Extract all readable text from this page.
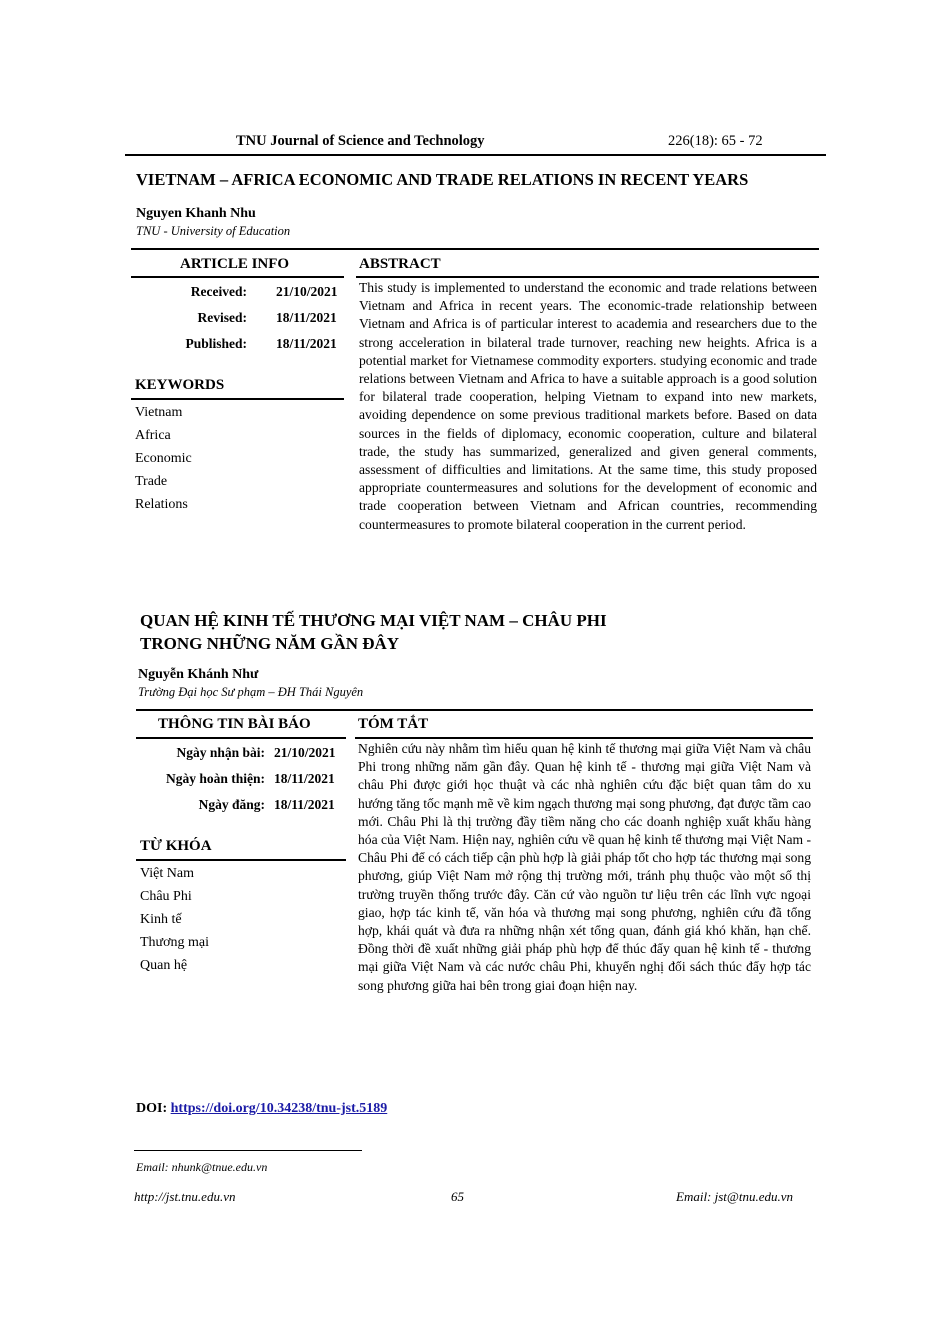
TNU Journal of Science and Technology	226(18): 65 - 72
VIETNAM – AFRICA ECONOMIC AND TRADE RELATIONS IN RECENT YEARS
Nguyen Khanh Nhu
TNU - University of Education
ARTICLE INFO	ABSTRACT
Received: 21/10/2021
Revised: 18/11/2021
Published: 18/11/2021
KEYWORDS
Vietnam
Africa
Economic
Trade
Relations
This study is implemented to understand the economic and trade relations between Vietnam and Africa in recent years. The economic-trade relationship between Vietnam and Africa is of particular interest to academia and researchers due to the strong acceleration in bilateral trade turnover, reaching new heights. Africa is a potential market for Vietnamese commodity exporters. studying economic and trade relations between Vietnam and Africa to have a suitable approach is a good solution for bilateral trade cooperation, helping Vietnam to expand into new markets, avoiding dependence on some previous traditional markets before. Based on data sources in the fields of diplomacy, economic cooperation, culture and bilateral trade, the study has summarized, generalized and given general comments, assessment of difficulties and limitations. At the same time, this study proposed appropriate countermeasures and solutions for the development of economic and trade cooperation between Vietnam and African countries, recommending countermeasures to promote bilateral cooperation in the current period.
QUAN HỆ KINH TẾ THƯƠNG MẠI VIỆT NAM – CHÂU PHI
TRONG NHỮNG NĂM GẦN ĐÂY
Nguyễn Khánh Như
Trường Đại học Sư phạm – ĐH Thái Nguyên
THÔNG TIN BÀI BÁO	TÓM TẮT
Ngày nhận bài: 21/10/2021
Ngày hoàn thiện: 18/11/2021
Ngày đăng: 18/11/2021
TỪ KHÓA
Việt Nam
Châu Phi
Kinh tế
Thương mại
Quan hệ
Nghiên cứu này nhằm tìm hiểu quan hệ kinh tế thương mại giữa Việt Nam và châu Phi trong những năm gần đây. Quan hệ kinh tế - thương mại giữa Việt Nam và châu Phi được giới học thuật và các nhà nghiên cứu đặc biệt quan tâm do xu hướng tăng tốc mạnh mẽ về kim ngạch thương mại song phương, đạt được tầm cao mới. Châu Phi là thị trường đầy tiềm năng cho các doanh nghiệp xuất khẩu hàng hóa của Việt Nam. Hiện nay, nghiên cứu về quan hệ kinh tế thương mại Việt Nam - Châu Phi để có cách tiếp cận phù hợp là giải pháp tốt cho hợp tác thương mại song phương, giúp Việt Nam mở rộng thị trường mới, tránh phụ thuộc vào một số thị trường truyền thống trước đây. Căn cứ vào nguồn tư liệu trên các lĩnh vực ngoại giao, hợp tác kinh tế, văn hóa và thương mại song phương, nghiên cứu đã tổng hợp, khái quát và đưa ra những nhận xét tổng quan, đánh giá khó khăn, hạn chế. Đồng thời đề xuất những giải pháp phù hợp để thúc đẩy quan hệ kinh tế - thương mại giữa Việt Nam và các nước châu Phi, khuyến nghị đối sách thúc đẩy hợp tác song phương giữa hai bên trong giai đoạn hiện nay.
DOI: https://doi.org/10.34238/tnu-jst.5189
Email: nhunk@tnue.edu.vn
http://jst.tnu.edu.vn	65	Email: jst@tnu.edu.vn
